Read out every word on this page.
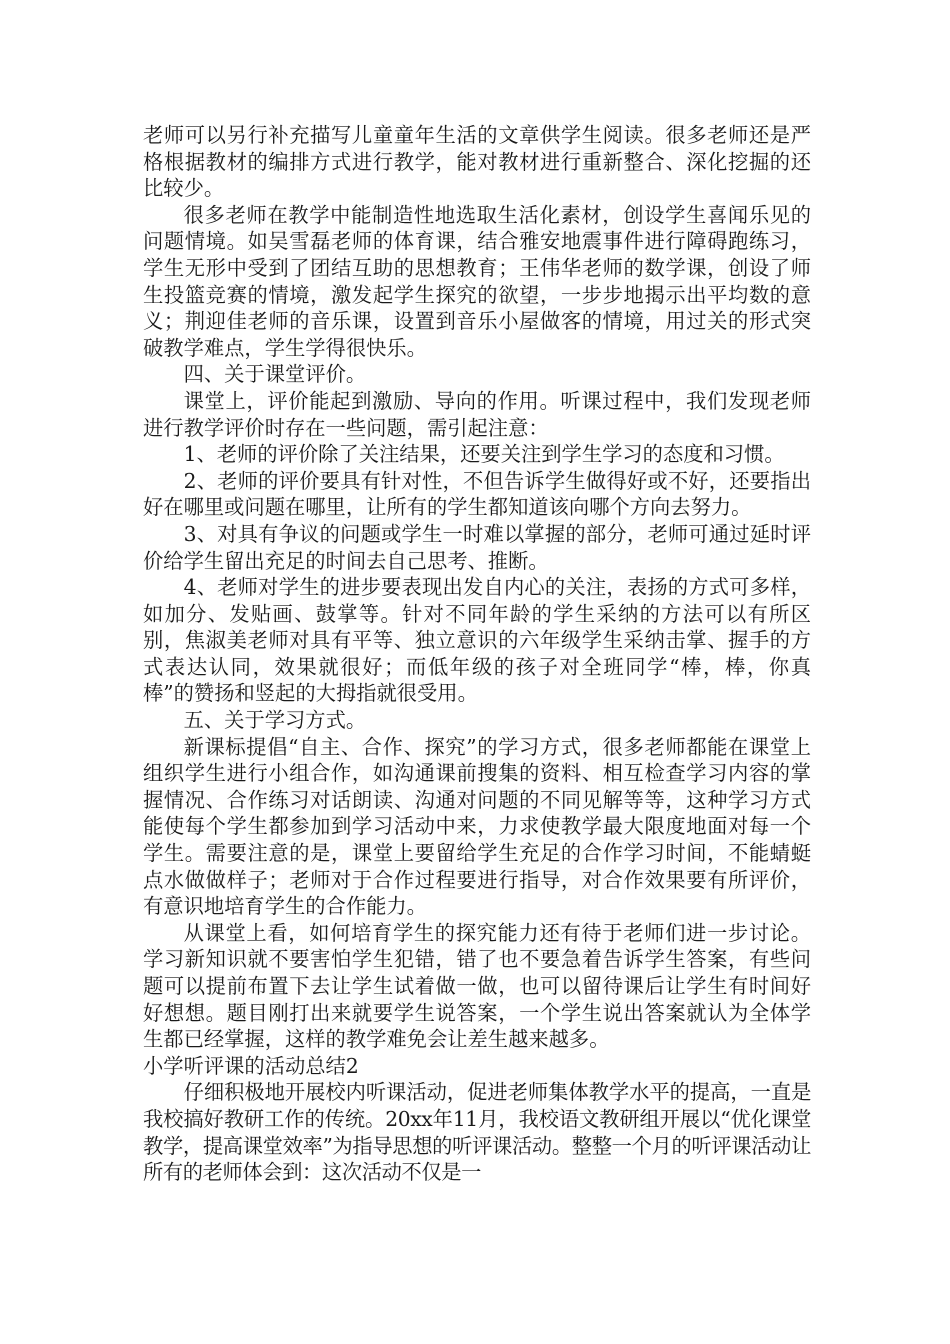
老师可以另行补充描写儿童童年生活的文章供学生阅读。很多老师还是严格根据教材的编排方式进行教学，能对教材进行重新整合、深化挖掘的还比较少。

很多老师在教学中能制造性地选取生活化素材，创设学生喜闻乐见的问题情境。如吴雪磊老师的体育课，结合雅安地震事件进行障碍跑练习，学生无形中受到了团结互助的思想教育；王伟华老师的数学课，创设了师生投篮竞赛的情境，激发起学生探究的欲望，一步步地揭示出平均数的意义；荆迎佳老师的音乐课，设置到音乐小屋做客的情境，用过关的形式突破教学难点，学生学得很快乐。

四、关于课堂评价。

课堂上，评价能起到激励、导向的作用。听课过程中，我们发现老师进行教学评价时存在一些问题，需引起注意：

1、老师的评价除了关注结果，还要关注到学生学习的态度和习惯。

2、老师的评价要具有针对性，不但告诉学生做得好或不好，还要指出好在哪里或问题在哪里，让所有的学生都知道该向哪个方向去努力。

3、对具有争议的问题或学生一时难以掌握的部分，老师可通过延时评价给学生留出充足的时间去自己思考、推断。

4、老师对学生的进步要表现出发自内心的关注，表扬的方式可多样，如加分、发贴画、鼓掌等。针对不同年龄的学生采纳的方法可以有所区别，焦淑美老师对具有平等、独立意识的六年级学生采纳击掌、握手的方式表达认同，效果就很好；而低年级的孩子对全班同学“棒，棒，你真棒”的赞扬和竖起的大拇指就很受用。

五、关于学习方式。

新课标提倡“自主、合作、探究”的学习方式，很多老师都能在课堂上组织学生进行小组合作，如沟通课前搜集的资料、相互检查学习内容的掌握情况、合作练习对话朗读、沟通对问题的不同见解等等，这种学习方式能使每个学生都参加到学习活动中来，力求使教学最大限度地面对每一个学生。需要注意的是，课堂上要留给学生充足的合作学习时间，不能蜻蜓点水做做样子；老师对于合作过程要进行指导，对合作效果要有所评价，有意识地培育学生的合作能力。

从课堂上看，如何培育学生的探究能力还有待于老师们进一步讨论。学习新知识就不要害怕学生犯错，错了也不要急着告诉学生答案，有些问题可以提前布置下去让学生试着做一做，也可以留待课后让学生有时间好好想想。题目刚打出来就要学生说答案，一个学生说出答案就认为全体学生都已经掌握，这样的教学难免会让差生越来越多。

小学听评课的活动总结2

仔细积极地开展校内听课活动，促进老师集体教学水平的提高，一直是我校搞好教研工作的传统。20xx年11月，我校语文教研组开展以“优化课堂教学，提高课堂效率”为指导思想的听评课活动。整整一个月的听评课活动让所有的老师体会到：这次活动不仅是一
